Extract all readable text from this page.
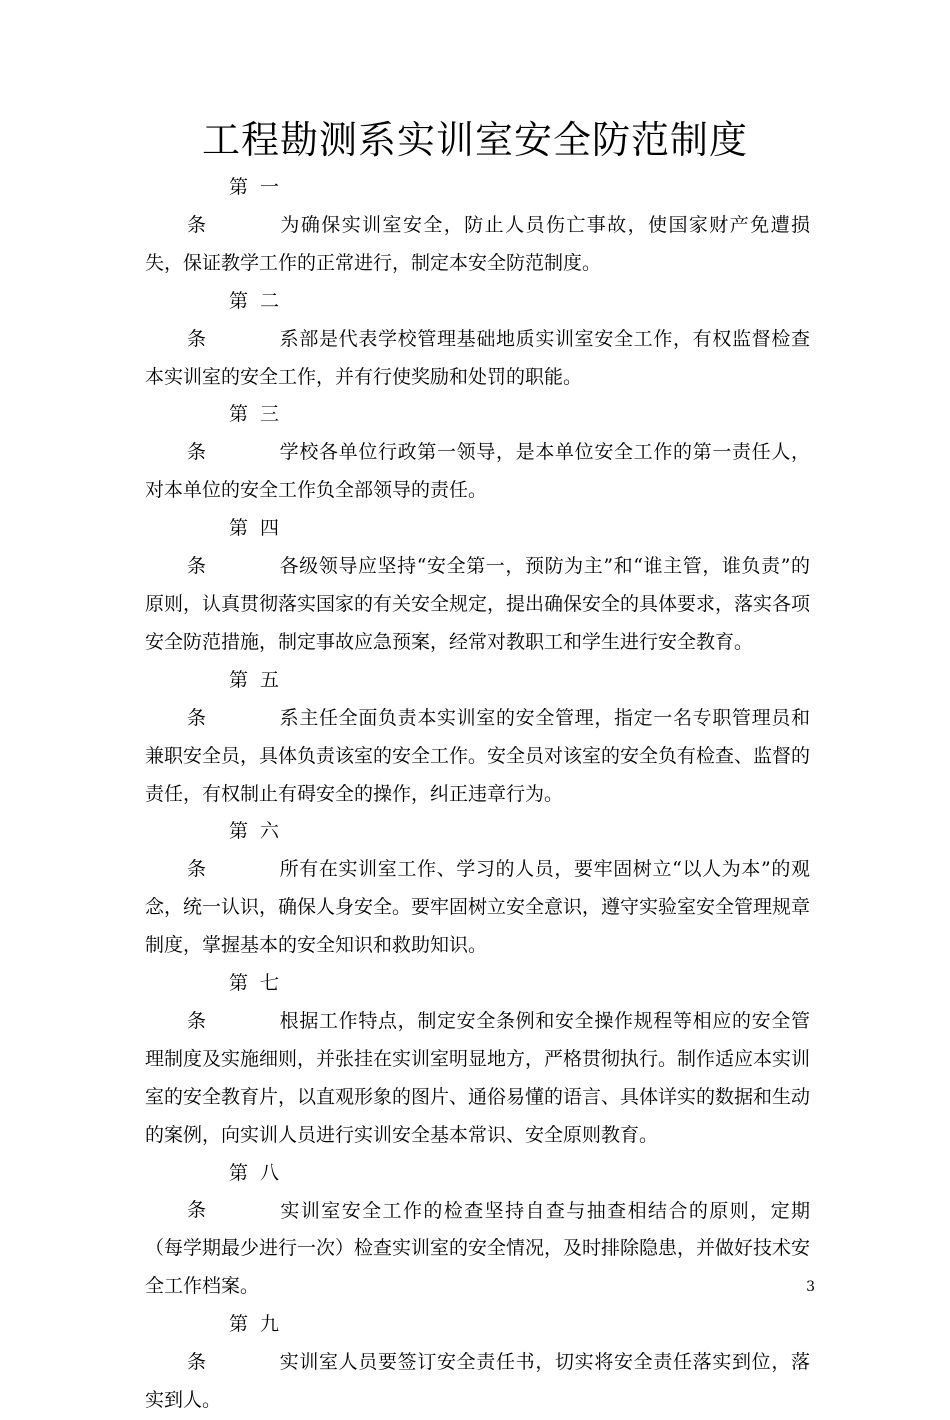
工程勘测系实训室安全防范制度

第一条	为确保实训室安全，防止人员伤亡事故，使国家财产免遭损失，保证教学工作的正常进行，制定本安全防范制度。

第二条	系部是代表学校管理基础地质实训室安全工作，有权监督检查本实训室的安全工作，并有行使奖励和处罚的职能。

第三条	学校各单位行政第一领导，是本单位安全工作的第一责任人，对本单位的安全工作负全部领导的责任。

第四条	各级领导应坚持“安全第一，预防为主”和“谁主管，谁负责”的原则，认真贯彻落实国家的有关安全规定，提出确保安全的具体要求，落实各项安全防范措施，制定事故应急预案，经常对教职工和学生进行安全教育。

第五条	系主任全面负责本实训室的安全管理，指定一名专职管理员和兼职安全员，具体负责该室的安全工作。安全员对该室的安全负有检查、监督的责任，有权制止有碍安全的操作，纠正违章行为。

第六条	所有在实训室工作、学习的人员，要牢固树立“以人为本”的观念，统一认识，确保人身安全。要牢固树立安全意识，遵守实验室安全管理规章制度，掌握基本的安全知识和救助知识。

第七条	根据工作特点，制定安全条例和安全操作规程等相应的安全管理制度及实施细则，并张挂在实训室明显地方，严格贯彻执行。制作适应本实训室的安全教育片，以直观形象的图片、通俗易懂的语言、具体详实的数据和生动的案例，向实训人员进行实训安全基本常识、安全原则教育。

第八条	实训室安全工作的检查坚持自查与抽查相结合的原则，定期（每学期最少进行一次）检查实训室的安全情况，及时排除隐患，并做好技术安全工作档案。

第九条	实训室人员要签订安全责任书，切实将安全责任落实到位，落实到人。

3
